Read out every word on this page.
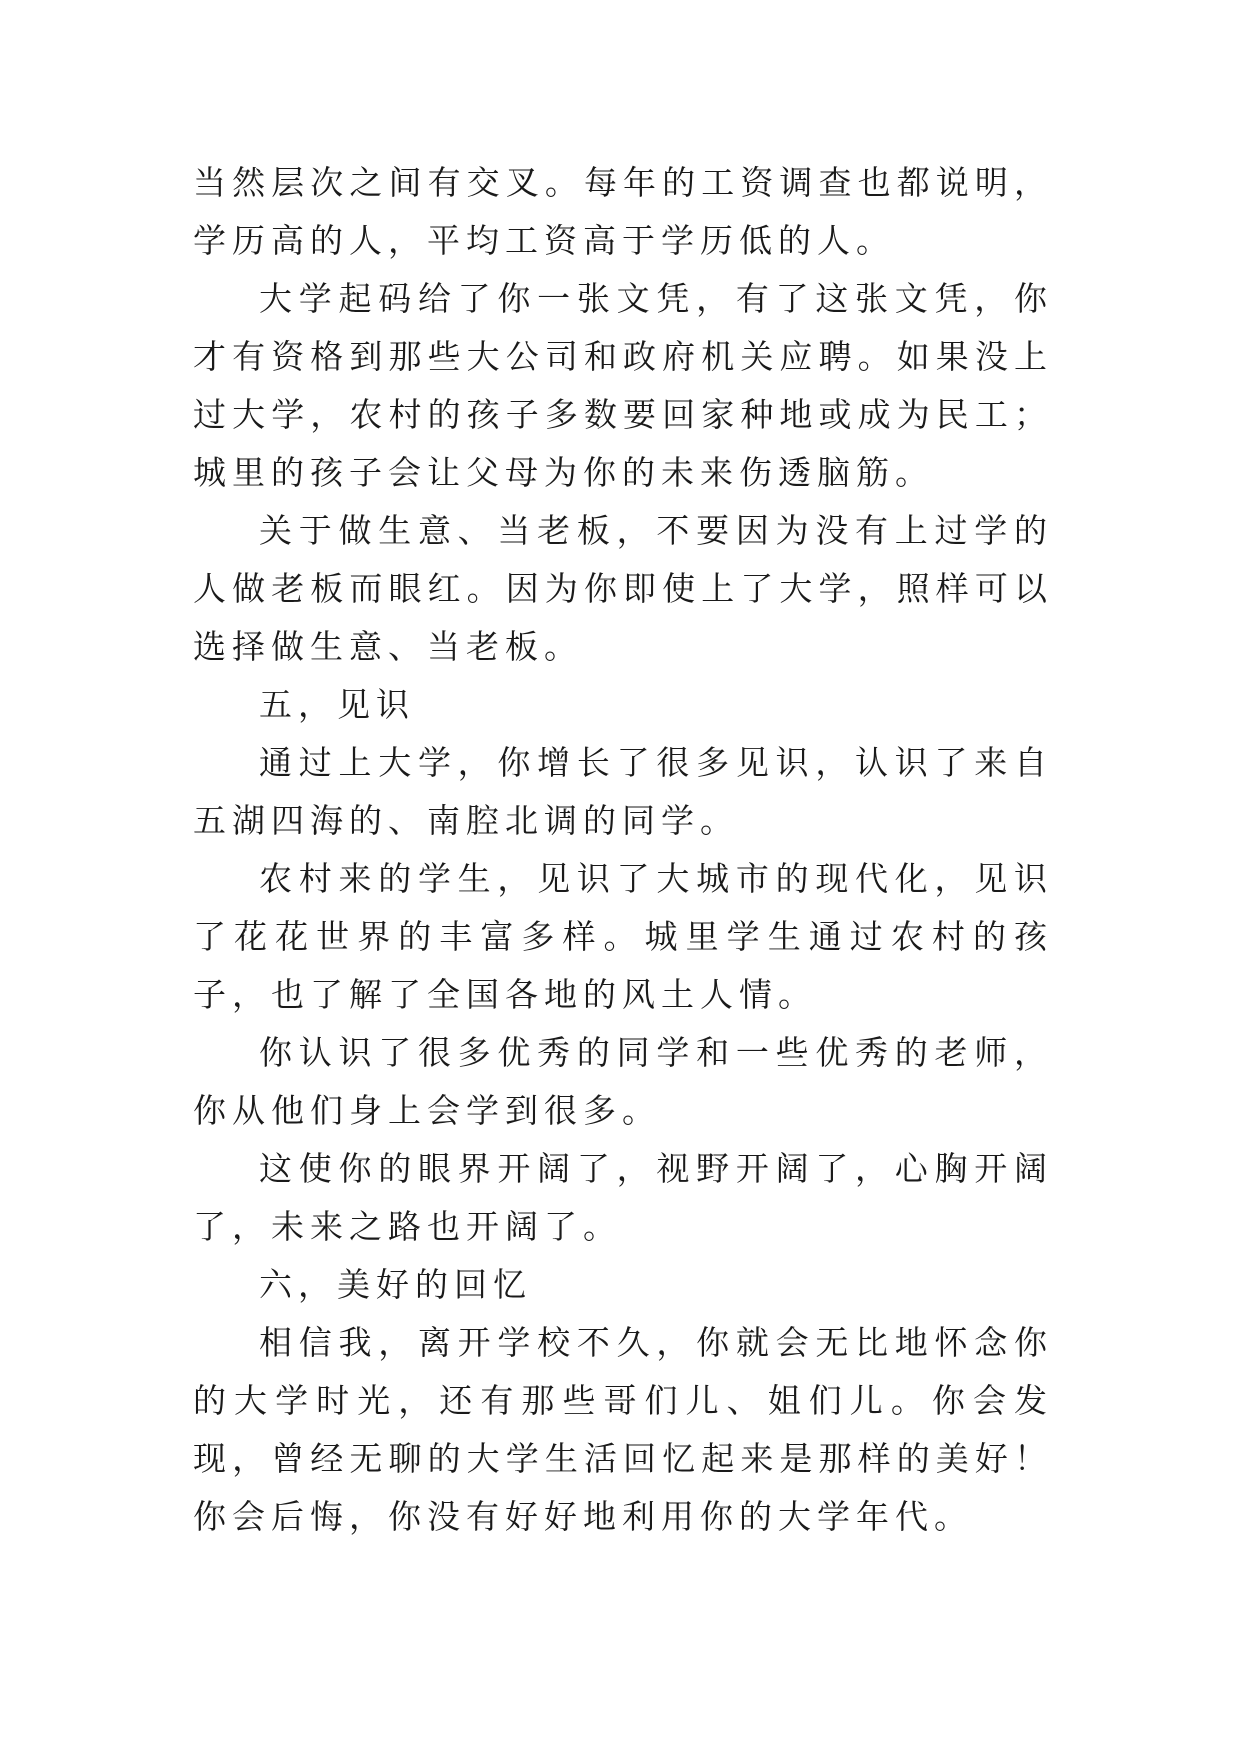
当然层次之间有交叉。每年的工资调查也都说明，学历高的人，平均工资高于学历低的人。

大学起码给了你一张文凭，有了这张文凭，你才有资格到那些大公司和政府机关应聘。如果没上过大学，农村的孩子多数要回家种地或成为民工；城里的孩子会让父母为你的未来伤透脑筋。

关于做生意、当老板，不要因为没有上过学的人做老板而眼红。因为你即使上了大学，照样可以选择做生意、当老板。

五，见识

通过上大学，你增长了很多见识，认识了来自五湖四海的、南腔北调的同学。

农村来的学生，见识了大城市的现代化，见识了花花世界的丰富多样。城里学生通过农村的孩子，也了解了全国各地的风土人情。

你认识了很多优秀的同学和一些优秀的老师，你从他们身上会学到很多。

这使你的眼界开阔了，视野开阔了，心胸开阔了，未来之路也开阔了。

六，美好的回忆

相信我，离开学校不久，你就会无比地怀念你的大学时光，还有那些哥们儿、姐们儿。你会发现，曾经无聊的大学生活回忆起来是那样的美好！你会后悔，你没有好好地利用你的大学年代。
